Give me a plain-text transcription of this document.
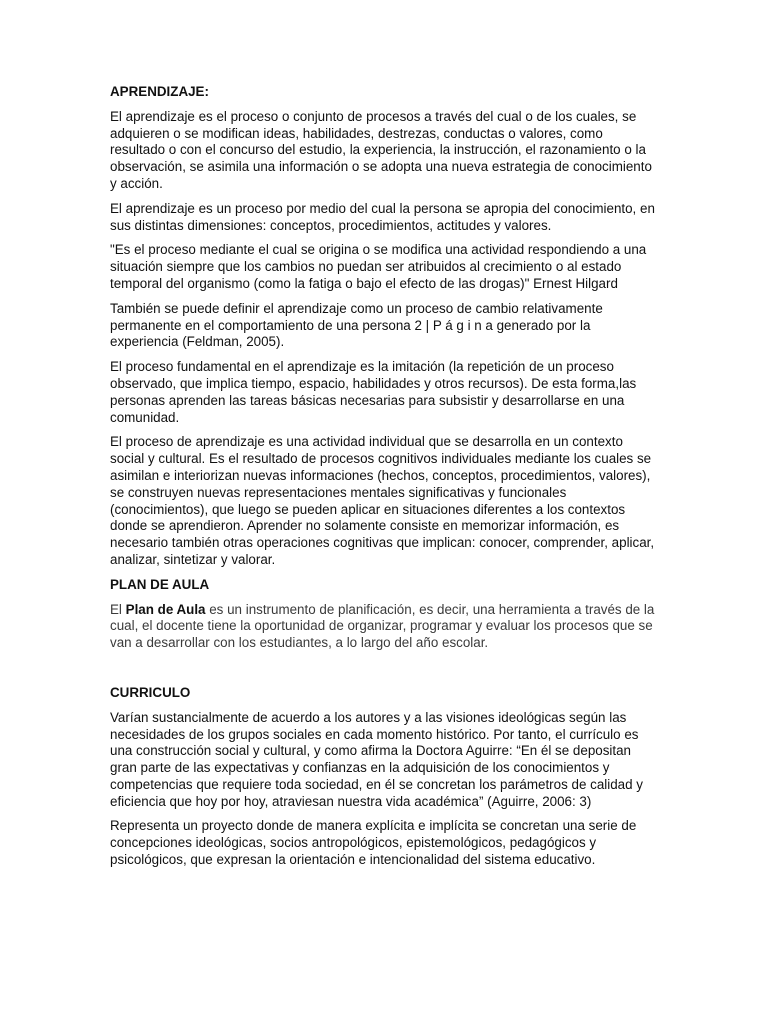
APRENDIZAJE:

El aprendizaje es el proceso o conjunto de procesos a través del cual o de los cuales, se adquieren o se modifican ideas, habilidades, destrezas, conductas o valores, como resultado o con el concurso del estudio, la experiencia, la instrucción, el razonamiento o la observación, se asimila una información o se adopta una nueva estrategia de conocimiento y acción.

El aprendizaje es un proceso por medio del cual la persona se apropia del conocimiento, en sus distintas dimensiones: conceptos, procedimientos, actitudes y valores.

"Es el proceso mediante el cual se origina o se modifica una actividad respondiendo a una situación siempre que los cambios no puedan ser atribuidos al crecimiento o al estado temporal del organismo (como la fatiga o bajo el efecto de las drogas)" Ernest Hilgard

También se puede definir el aprendizaje como un proceso de cambio relativamente permanente en el comportamiento de una persona 2 | P á g i n a generado por la experiencia (Feldman, 2005).

El proceso fundamental en el aprendizaje es la imitación (la repetición de un proceso observado, que implica tiempo, espacio, habilidades y otros recursos). De esta forma,las personas aprenden las tareas básicas necesarias para subsistir y desarrollarse en una comunidad.

El proceso de aprendizaje es una actividad individual que se desarrolla en un contexto social y cultural. Es el resultado de procesos cognitivos individuales mediante los cuales se asimilan e interiorizan nuevas informaciones (hechos, conceptos, procedimientos, valores), se construyen nuevas representaciones mentales significativas y funcionales (conocimientos), que luego se pueden aplicar en situaciones diferentes a los contextos donde se aprendieron. Aprender no solamente consiste en memorizar información, es necesario también otras operaciones cognitivas que implican: conocer, comprender, aplicar, analizar, sintetizar y valorar.

PLAN DE AULA

El Plan de Aula es un instrumento de planificación, es decir, una herramienta a través de la cual, el docente tiene la oportunidad de organizar, programar y evaluar los procesos que se van a desarrollar con los estudiantes, a lo largo del año escolar.

CURRICULO

Varían sustancialmente de acuerdo a los autores y a las visiones ideológicas según las necesidades de los grupos sociales en cada momento histórico. Por tanto, el currículo es una construcción social y cultural, y como afirma la Doctora Aguirre: “En él se depositan gran parte de las expectativas y confianzas en la adquisición de los conocimientos y competencias que requiere toda sociedad, en él se concretan los parámetros de calidad y eficiencia que hoy por hoy, atraviesan nuestra vida académica” (Aguirre, 2006: 3)

Representa un proyecto donde de manera explícita e implícita se concretan una serie de concepciones ideológicas, socios antropológicos, epistemológicos, pedagógicos y psicológicos, que expresan la orientación e intencionalidad del sistema educativo.
